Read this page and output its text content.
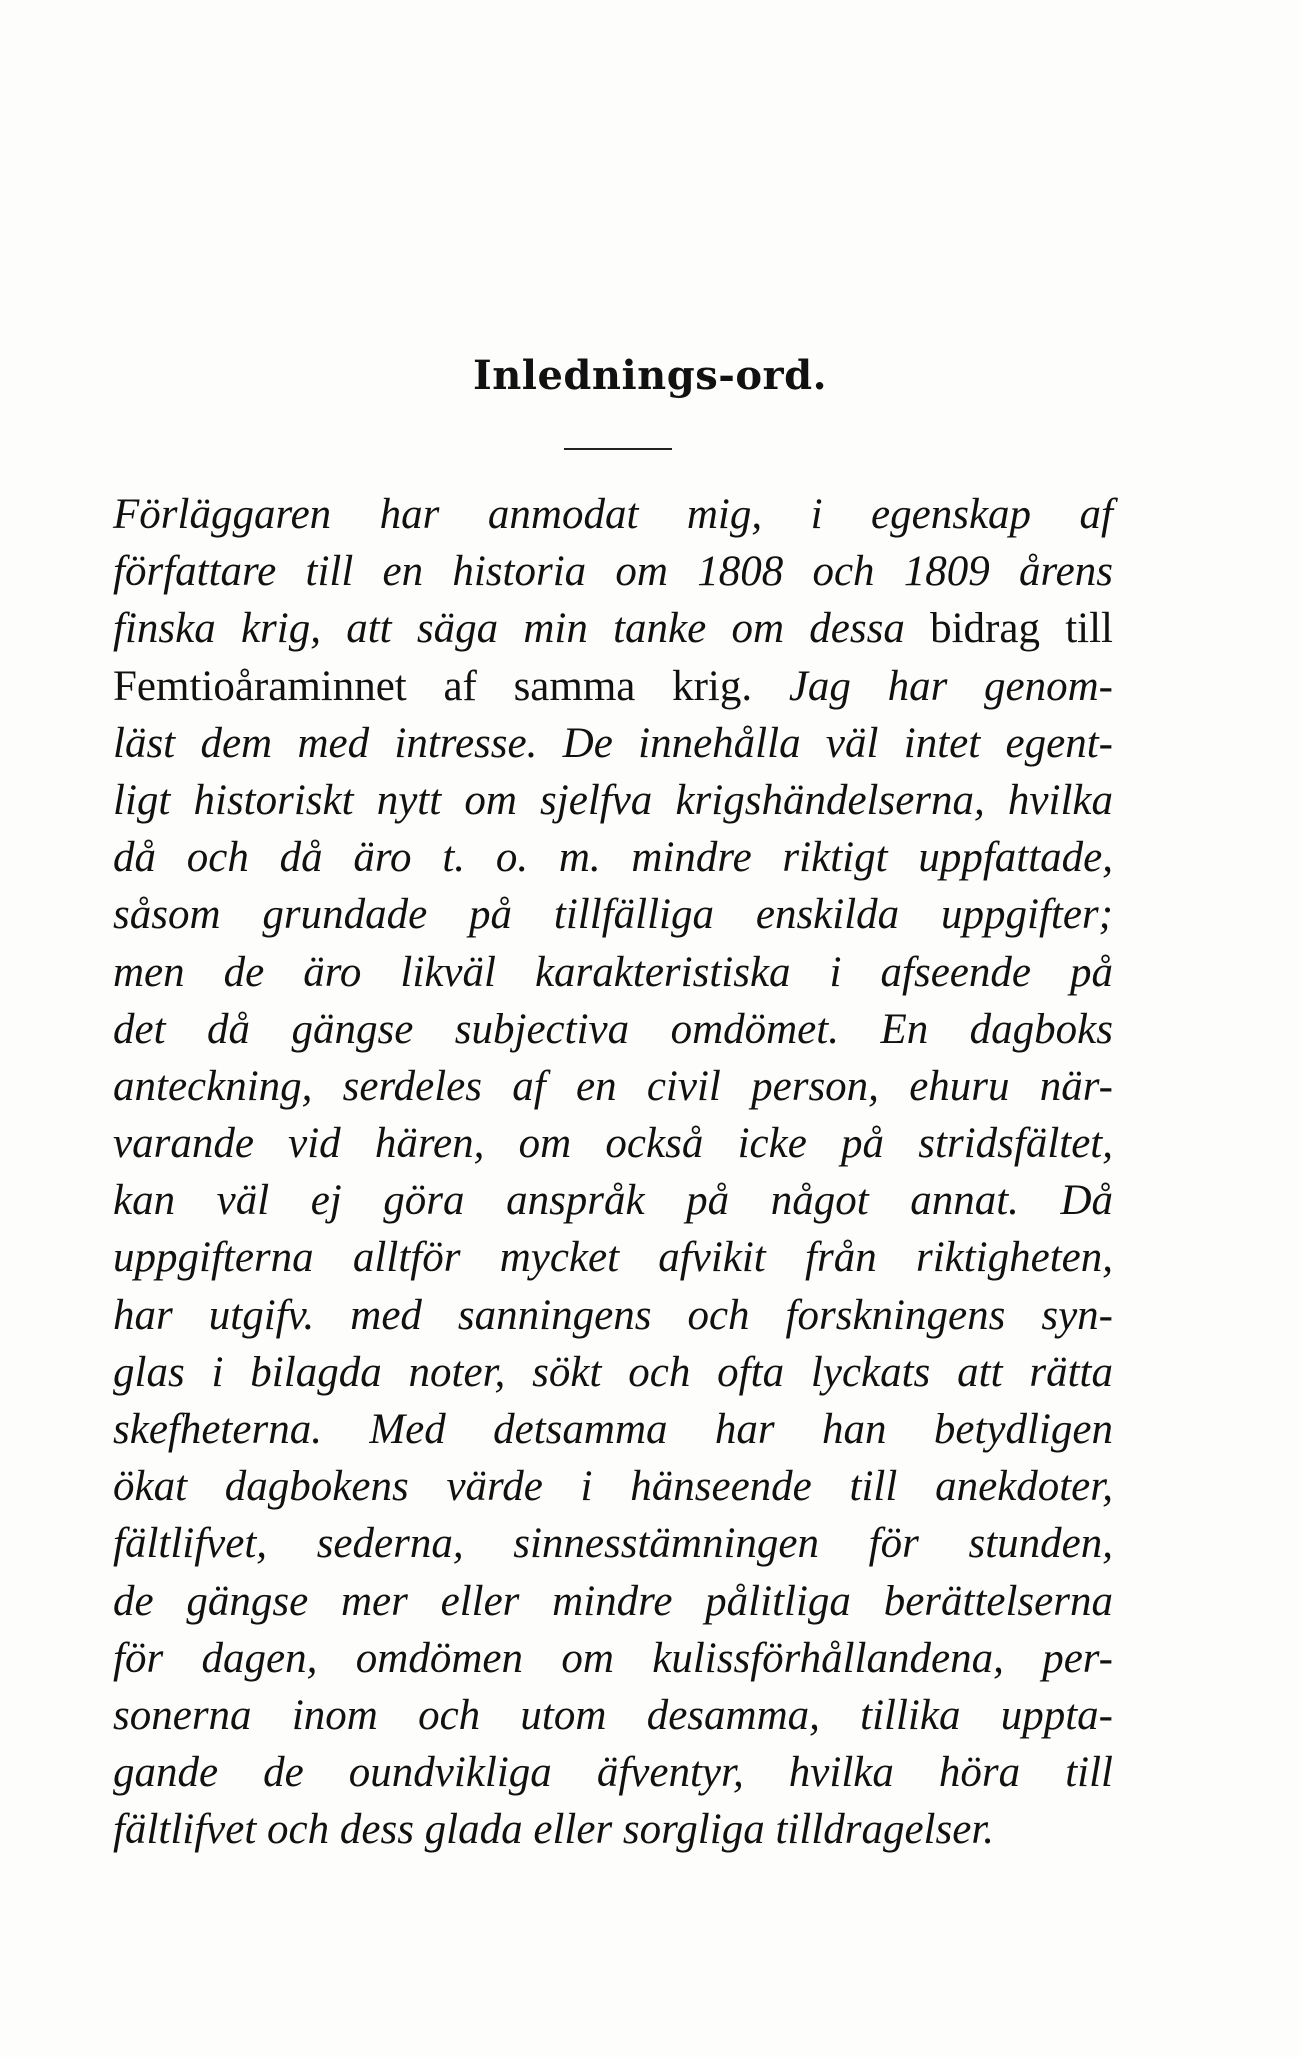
Inlednings-ord.
Förläggaren har anmodat mig, i egenskap af
författare till en historia om 1808 och 1809 årens
finska krig, att säga min tanke om dessa bidrag till
Femtioåraminnet af samma krig. Jag har genom-
läst dem med intresse. De innehålla väl intet egent-
ligt historiskt nytt om sjelfva krigshändelserna, hvilka
då och då äro t. o. m. mindre riktigt uppfattade,
såsom grundade på tillfälliga enskilda uppgifter;
men de äro likväl karakteristiska i afseende på
det då gängse subjectiva omdömet. En dagboks
anteckning, serdeles af en civil person, ehuru när-
varande vid hären, om också icke på stridsfältet,
kan väl ej göra anspråk på något annat. Då
uppgifterna alltför mycket afvikit från riktigheten,
har utgifv. med sanningens och forskningens syn-
glas i bilagda noter, sökt och ofta lyckats att rätta
skefheterna. Med detsamma har han betydligen
ökat dagbokens värde i hänseende till anekdoter,
fältlifvet, sederna, sinnesstämningen för stunden,
de gängse mer eller mindre pålitliga berättelserna
för dagen, omdömen om kulissförhållandena, per-
sonerna inom och utom desamma, tillika uppta-
gande de oundvikliga äfventyr, hvilka höra till
fältlifvet och dess glada eller sorgliga tilldragelser.
